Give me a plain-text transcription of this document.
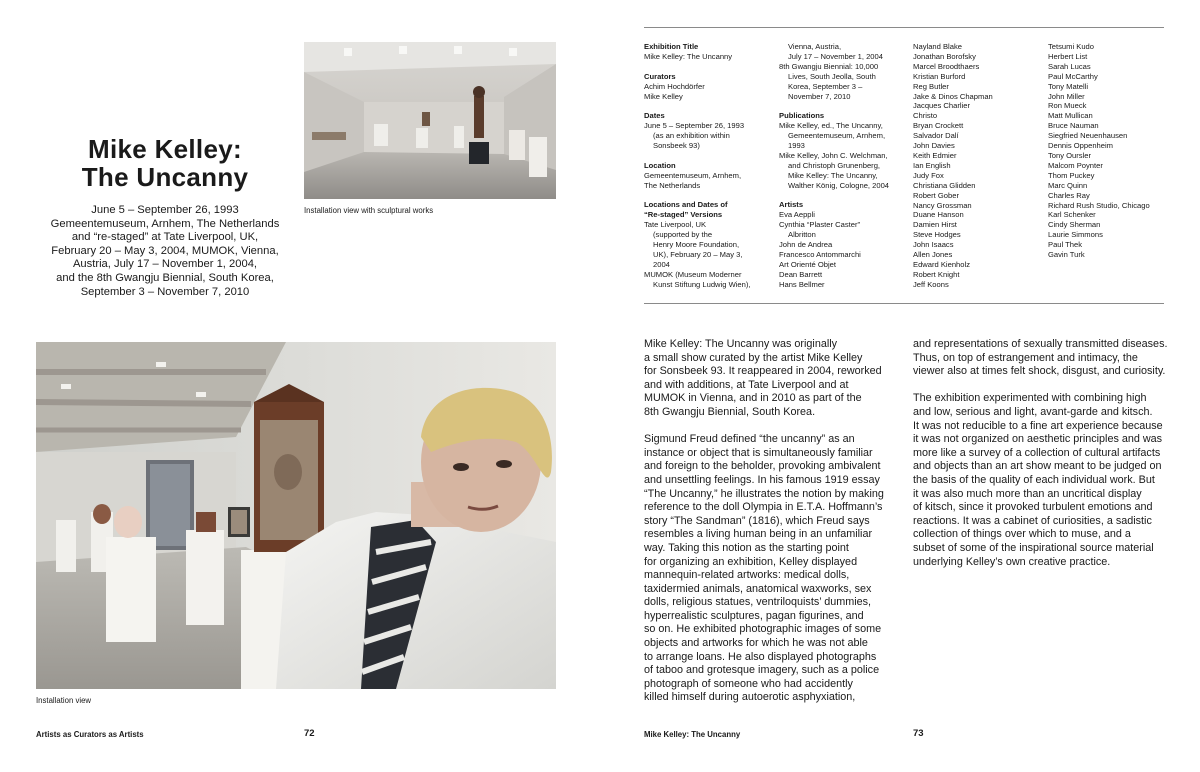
Mike Kelley:
The Uncanny
June 5 – September 26, 1993
Gemeentemuseum, Arnhem, The Netherlands
and “re-staged” at Tate Liverpool, UK,
February 20 – May 3, 2004, MUMOK, Vienna,
Austria, July 17 – November 1, 2004,
and the 8th Gwangju Biennial, South Korea,
September 3 – November 7, 2010
Installation view with sculptural works
Installation view
Artists as Curators as Artists	72
Exhibition Title
Mike Kelley: The Uncanny
Curators
Achim Hochdörfer
Mike Kelley
Dates
June 5 – September 26, 1993
(as an exhibition within
Sonsbeek 93)
Location
Gemeentemuseum, Arnhem,
The Netherlands
Locations and Dates of
“Re-staged” Versions
Tate Liverpool, UK
(supported by the
Henry Moore Foundation,
UK), February 20 – May 3,
2004
MUMOK (Museum Moderner
Kunst Stiftung Ludwig Wien),
Vienna, Austria,
July 17 – November 1, 2004
8th Gwangju Biennial: 10,000
Lives, South Jeolla, South
Korea, September 3 –
November 7, 2010
Publications
Mike Kelley, ed., The Uncanny,
Gemeentemuseum, Arnhem,
1993
Mike Kelley, John C. Welchman,
and Christoph Grunenberg,
Mike Kelley: The Uncanny,
Walther König, Cologne, 2004
Artists
Eva Aeppli
Cynthia “Plaster Caster”
Albritton
John de Andrea
Francesco Antommarchi
Art Orienté Objet
Dean Barrett
Hans Bellmer
Nayland Blake
Jonathan Borofsky
Marcel Broodthaers
Kristian Burford
Reg Butler
Jake & Dinos Chapman
Jacques Charlier
Christo
Bryan Crockett
Salvador Dalí
John Davies
Keith Edmier
Ian English
Judy Fox
Christiana Glidden
Robert Gober
Nancy Grossman
Duane Hanson
Damien Hirst
Steve Hodges
John Isaacs
Allen Jones
Edward Kienholz
Robert Knight
Jeff Koons
Tetsumi Kudo
Herbert List
Sarah Lucas
Paul McCarthy
Tony Matelli
John Miller
Ron Mueck
Matt Mullican
Bruce Nauman
Siegfried Neuenhausen
Dennis Oppenheim
Tony Oursler
Malcom Poynter
Thom Puckey
Marc Quinn
Charles Ray
Richard Rush Studio, Chicago
Karl Schenker
Cindy Sherman
Laurie Simmons
Paul Thek
Gavin Turk

Mike Kelley: The Uncanny was originally
a small show curated by the artist Mike Kelley
for Sonsbeek 93. It reappeared in 2004, reworked
and with additions, at Tate Liverpool and at
MUMOK in Vienna, and in 2010 as part of the
8th Gwangju Biennial, South Korea.

Sigmund Freud defined “the uncanny” as an
instance or object that is simultaneously familiar
and foreign to the beholder, provoking ambivalent
and unsettling feelings. In his famous 1919 essay
“The Uncanny,” he illustrates the notion by making
reference to the doll Olympia in E.T.A. Hoffmann’s
story “The Sandman” (1816), which Freud says
resembles a living human being in an unfamiliar
way. Taking this notion as the starting point
for organizing an exhibition, Kelley displayed
mannequin-related artworks: medical dolls,
taxidermied animals, anatomical waxworks, sex
dolls, religious statues, ventriloquists’ dummies,
hyperrealistic sculptures, pagan figurines, and
so on. He exhibited photographic images of some
objects and artworks for which he was not able
to arrange loans. He also displayed photographs
of taboo and grotesque imagery, such as a police
photograph of someone who had accidently
killed himself during autoerotic asphyxiation,

and representations of sexually transmitted diseases.
Thus, on top of estrangement and intimacy, the
viewer also at times felt shock, disgust, and curiosity.

The exhibition experimented with combining high
and low, serious and light, avant-garde and kitsch.
It was not reducible to a fine art experience because
it was not organized on aesthetic principles and was
more like a survey of a collection of cultural artifacts
and objects than an art show meant to be judged on
the basis of the quality of each individual work. But
it was also much more than an uncritical display
of kitsch, since it provoked turbulent emotions and
reactions. It was a cabinet of curiosities, a sadistic
collection of things over which to muse, and a
subset of some of the inspirational source material
underlying Kelley’s own creative practice.

Mike Kelley: The Uncanny	73
